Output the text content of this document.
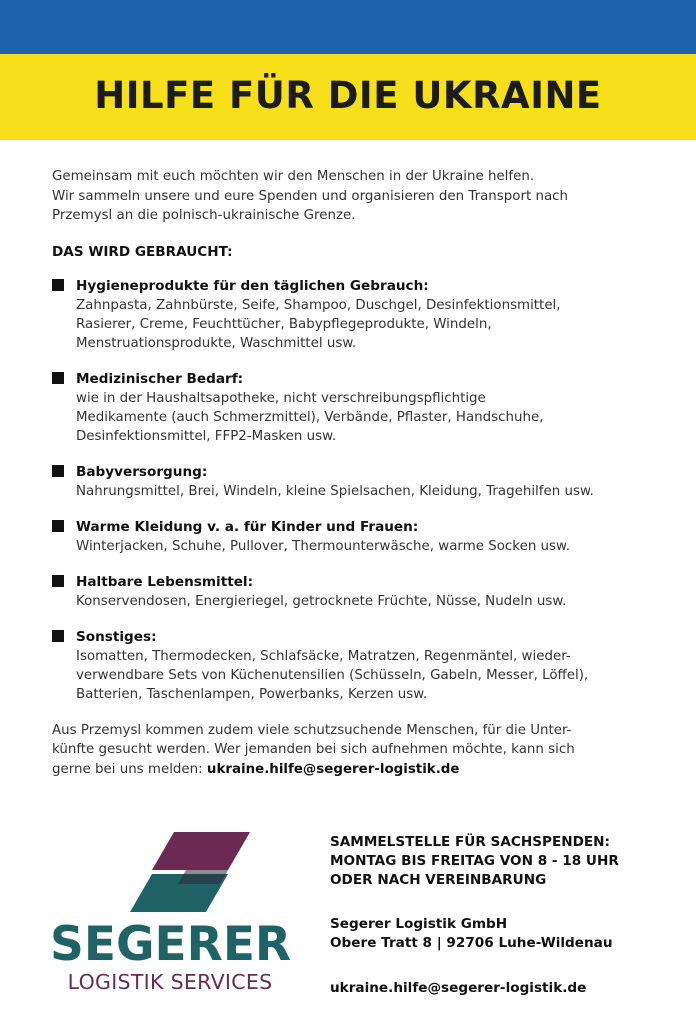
HILFE FÜR DIE UKRAINE
Gemeinsam mit euch möchten wir den Menschen in der Ukraine helfen.
Wir sammeln unsere und eure Spenden und organisieren den Transport nach
Przemysl an die polnisch-ukrainische Grenze.
DAS WIRD GEBRAUCHT:
Hygieneprodukte für den täglichen Gebrauch:
Zahnpasta, Zahnbürste, Seife, Shampoo, Duschgel, Desinfektionsmittel,
Rasierer, Creme, Feuchttücher, Babypflegeprodukte, Windeln,
Menstruationsprodukte, Waschmittel usw.
Medizinischer Bedarf:
wie in der Haushaltsapotheke, nicht verschreibungspflichtige
Medikamente (auch Schmerzmittel), Verbände, Pflaster, Handschuhe,
Desinfektionsmittel, FFP2-Masken usw.
Babyversorgung:
Nahrungsmittel, Brei, Windeln, kleine Spielsachen, Kleidung, Tragehilfen usw.
Warme Kleidung v. a. für Kinder und Frauen:
Winterjacken, Schuhe, Pullover, Thermounterwäsche, warme Socken usw.
Haltbare Lebensmittel:
Konservendosen, Energieriegel, getrocknete Früchte, Nüsse, Nudeln usw.
Sonstiges:
Isomatten, Thermodecken, Schlafsäcke, Matratzen, Regenmäntel, wieder-
verwendbare Sets von Küchenutensilien (Schüsseln, Gabeln, Messer, Löffel),
Batterien, Taschenlampen, Powerbanks, Kerzen usw.
Aus Przemysl kommen zudem viele schutzsuchende Menschen, für die Unter-
künfte gesucht werden. Wer jemanden bei sich aufnehmen möchte, kann sich
gerne bei uns melden: ukraine.hilfe@segerer-logistik.de
SEGERER
LOGISTIK SERVICES
SAMMELSTELLE FÜR SACHSPENDEN:
MONTAG BIS FREITAG VON 8 - 18 UHR
ODER NACH VEREINBARUNG
Segerer Logistik GmbH
Obere Tratt 8 | 92706 Luhe-Wildenau
ukraine.hilfe@segerer-logistik.de
